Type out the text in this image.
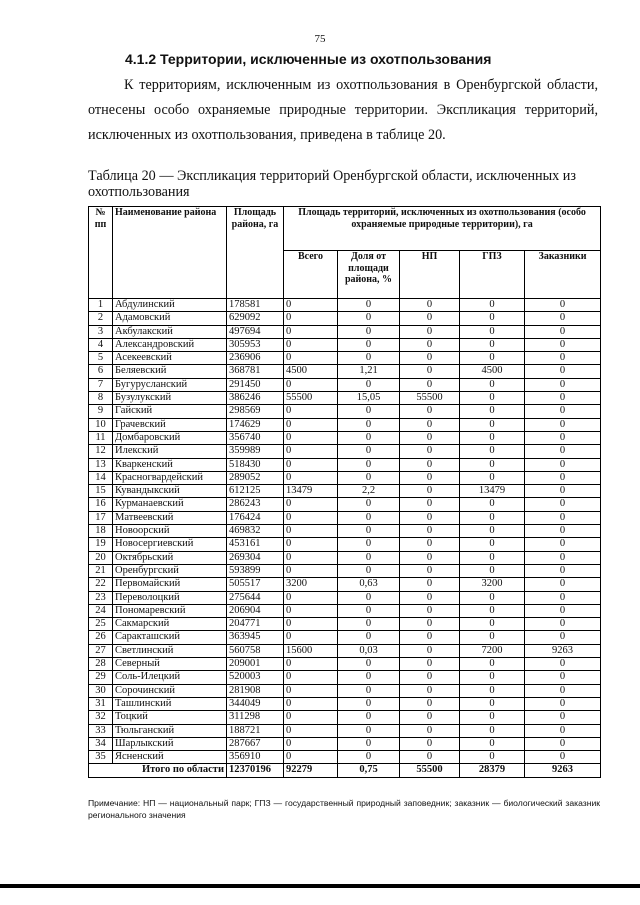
75
4.1.2 Территории, исключенные из охотпользования

К территориям, исключенным из охотпользования в Оренбургской области, отнесены особо охраняемые природные территории. Экспликация территорий, исключенных из охотпользования, приведена в таблице 20.

Таблица 20 — Экспликация территорий Оренбургской области, исключенных из охотпользования

№ пп	Наименование района	Площадь района, га	Площадь территорий, исключенных из охотпользования (особо охраняемые природные территории), га				
			Всего	Доля от площади района, %	НП	ГПЗ	Заказники
1	Абдулинский	178581	0	0	0	0	0
2	Адамовский	629092	0	0	0	0	0
3	Акбулакский	497694	0	0	0	0	0
4	Александровский	305953	0	0	0	0	0
5	Асекеевский	236906	0	0	0	0	0
6	Беляевский	368781	4500	1,21	0	4500	0
7	Бугурусланский	291450	0	0	0	0	0
8	Бузулукский	386246	55500	15,05	55500	0	0
9	Гайский	298569	0	0	0	0	0
10	Грачевский	174629	0	0	0	0	0
11	Домбаровский	356740	0	0	0	0	0
12	Илекский	359989	0	0	0	0	0
13	Кваркенский	518430	0	0	0	0	0
14	Красногвардейский	289052	0	0	0	0	0
15	Кувандыкский	612125	13479	2,2	0	13479	0
16	Курманаевский	286243	0	0	0	0	0
17	Матвеевский	176424	0	0	0	0	0
18	Новоорский	469832	0	0	0	0	0
19	Новосергиевский	453161	0	0	0	0	0
20	Октябрьский	269304	0	0	0	0	0
21	Оренбургский	593899	0	0	0	0	0
22	Первомайский	505517	3200	0,63	0	3200	0
23	Переволоцкий	275644	0	0	0	0	0
24	Пономаревский	206904	0	0	0	0	0
25	Сакмарский	204771	0	0	0	0	0
26	Саракташский	363945	0	0	0	0	0
27	Светлинский	560758	15600	0,03	0	7200	9263
28	Северный	209001	0	0	0	0	0
29	Соль-Илецкий	520003	0	0	0	0	0
30	Сорочинский	281908	0	0	0	0	0
31	Ташлинский	344049	0	0	0	0	0
32	Тоцкий	311298	0	0	0	0	0
33	Тюльганский	188721	0	0	0	0	0
34	Шарлыкский	287667	0	0	0	0	0
35	Ясненский	356910	0	0	0	0	0
Итого по области		12370196	92279	0,75	55500	28379	9263

Примечание: НП — национальный парк; ГПЗ — государственный природный заповедник; заказник — биологический заказник регионального значения
